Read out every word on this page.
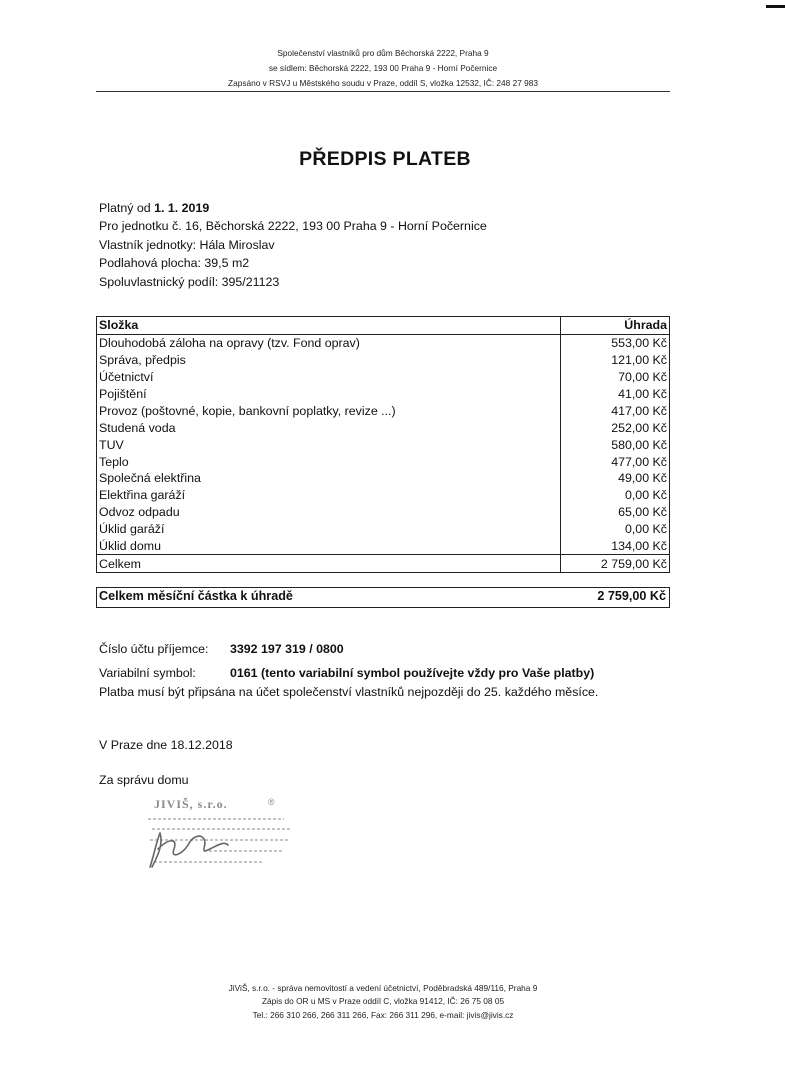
Společenství vlastníků pro dům Běchorská 2222, Praha 9
se sídlem: Běchorská 2222, 193 00 Praha 9 - Horní Počernice
Zapsáno v RSVJ u Městského soudu v Praze, oddíl S, vložka 12532, IČ: 248 27 983
PŘEDPIS PLATEB
Platný od 1. 1. 2019
Pro jednotku č. 16, Běchorská 2222, 193 00 Praha 9 - Horní Počernice
Vlastník jednotky: Hála Miroslav
Podlahová plocha: 39,5 m2
Spoluvlastnický podíl: 395/21123
Složka	Úhrada
Dlouhodobá záloha na opravy (tzv. Fond oprav)	553,00 Kč
Správa, předpis	121,00 Kč
Účetnictví	70,00 Kč
Pojištění	41,00 Kč
Provoz (poštovné, kopie, bankovní poplatky, revize ...)	417,00 Kč
Studená voda	252,00 Kč
TUV	580,00 Kč
Teplo	477,00 Kč
Společná elektřina	49,00 Kč
Elektřina garáží	0,00 Kč
Odvoz odpadu	65,00 Kč
Úklid garáží	0,00 Kč
Úklid domu	134,00 Kč
Celkem	2 759,00 Kč
Celkem měsíční částka k úhradě	2 759,00 Kč
Číslo účtu příjemce: 3392 197 319 / 0800
Variabilní symbol:	0161 (tento variabilní symbol používejte vždy pro Vaše platby)
Platba musí být připsána na účet společenství vlastníků nejpozději do 25. každého měsíce.
V Praze dne 18.12.2018
Za správu domu
JIVIŠ, s.r.o.	®
JiViŠ, s.r.o. - správa nemovitostí a vedení účetnictví, Poděbradská 489/116, Praha 9
Zápis do OR u MS v Praze oddíl C, vložka 91412, IČ: 26 75 08 05
Tel.: 266 310 266, 266 311 266, Fax: 266 311 296, e-mail: jivis@jivis.cz
